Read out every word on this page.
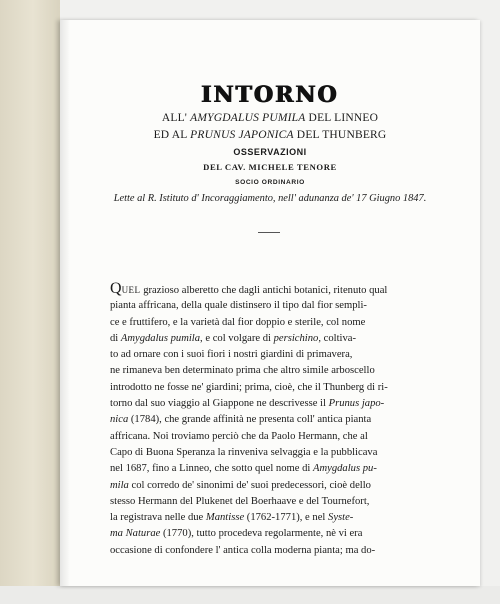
INTORNO
ALL' AMYGDALUS PUMILA DEL LINNEO
ED AL PRUNUS JAPONICA DEL THUNBERG
OSSERVAZIONI
DEL CAV. MICHELE TENORE
SOCIO ORDINARIO
Lette al R. Istituto d' Incoraggiamento, nell' adunanza de' 17 Giugno 1847.
QUEL grazioso alberetto che dagli antichi botanici, ritenuto qual
pianta affricana, della quale distinsero il tipo dal fior sempli-
ce e fruttifero, e la varietà dal fior doppio e sterile, col nome
di Amygdalus pumila, e col volgare di persichino, coltiva-
to ad ornare con i suoi fiori i nostri giardini di primavera,
ne rimaneva ben determinato prima che altro simile arboscello
introdotto ne fosse ne' giardini; prima, cioè, che il Thunberg di ri-
torno dal suo viaggio al Giappone ne descrivesse il Prunus japo-
nica (1784), che grande affinità ne presenta coll' antica pianta
affricana. Noi troviamo perciò che da Paolo Hermann, che al
Capo di Buona Speranza la rinveniva selvaggia e la pubblicava
nel 1687, fino a Linneo, che sotto quel nome di Amygdalus pu-
mila col corredo de' sinonimi de' suoi predecessori, cioè dello
stesso Hermann del Plukenet del Boerhaave e del Tournefort,
la registrava nelle due Mantisse (1762-1771), e nel Syste-
ma Naturae (1770), tutto procedeva regolarmente, nè vi era
occasione di confondere l' antica colla moderna pianta; ma do-
